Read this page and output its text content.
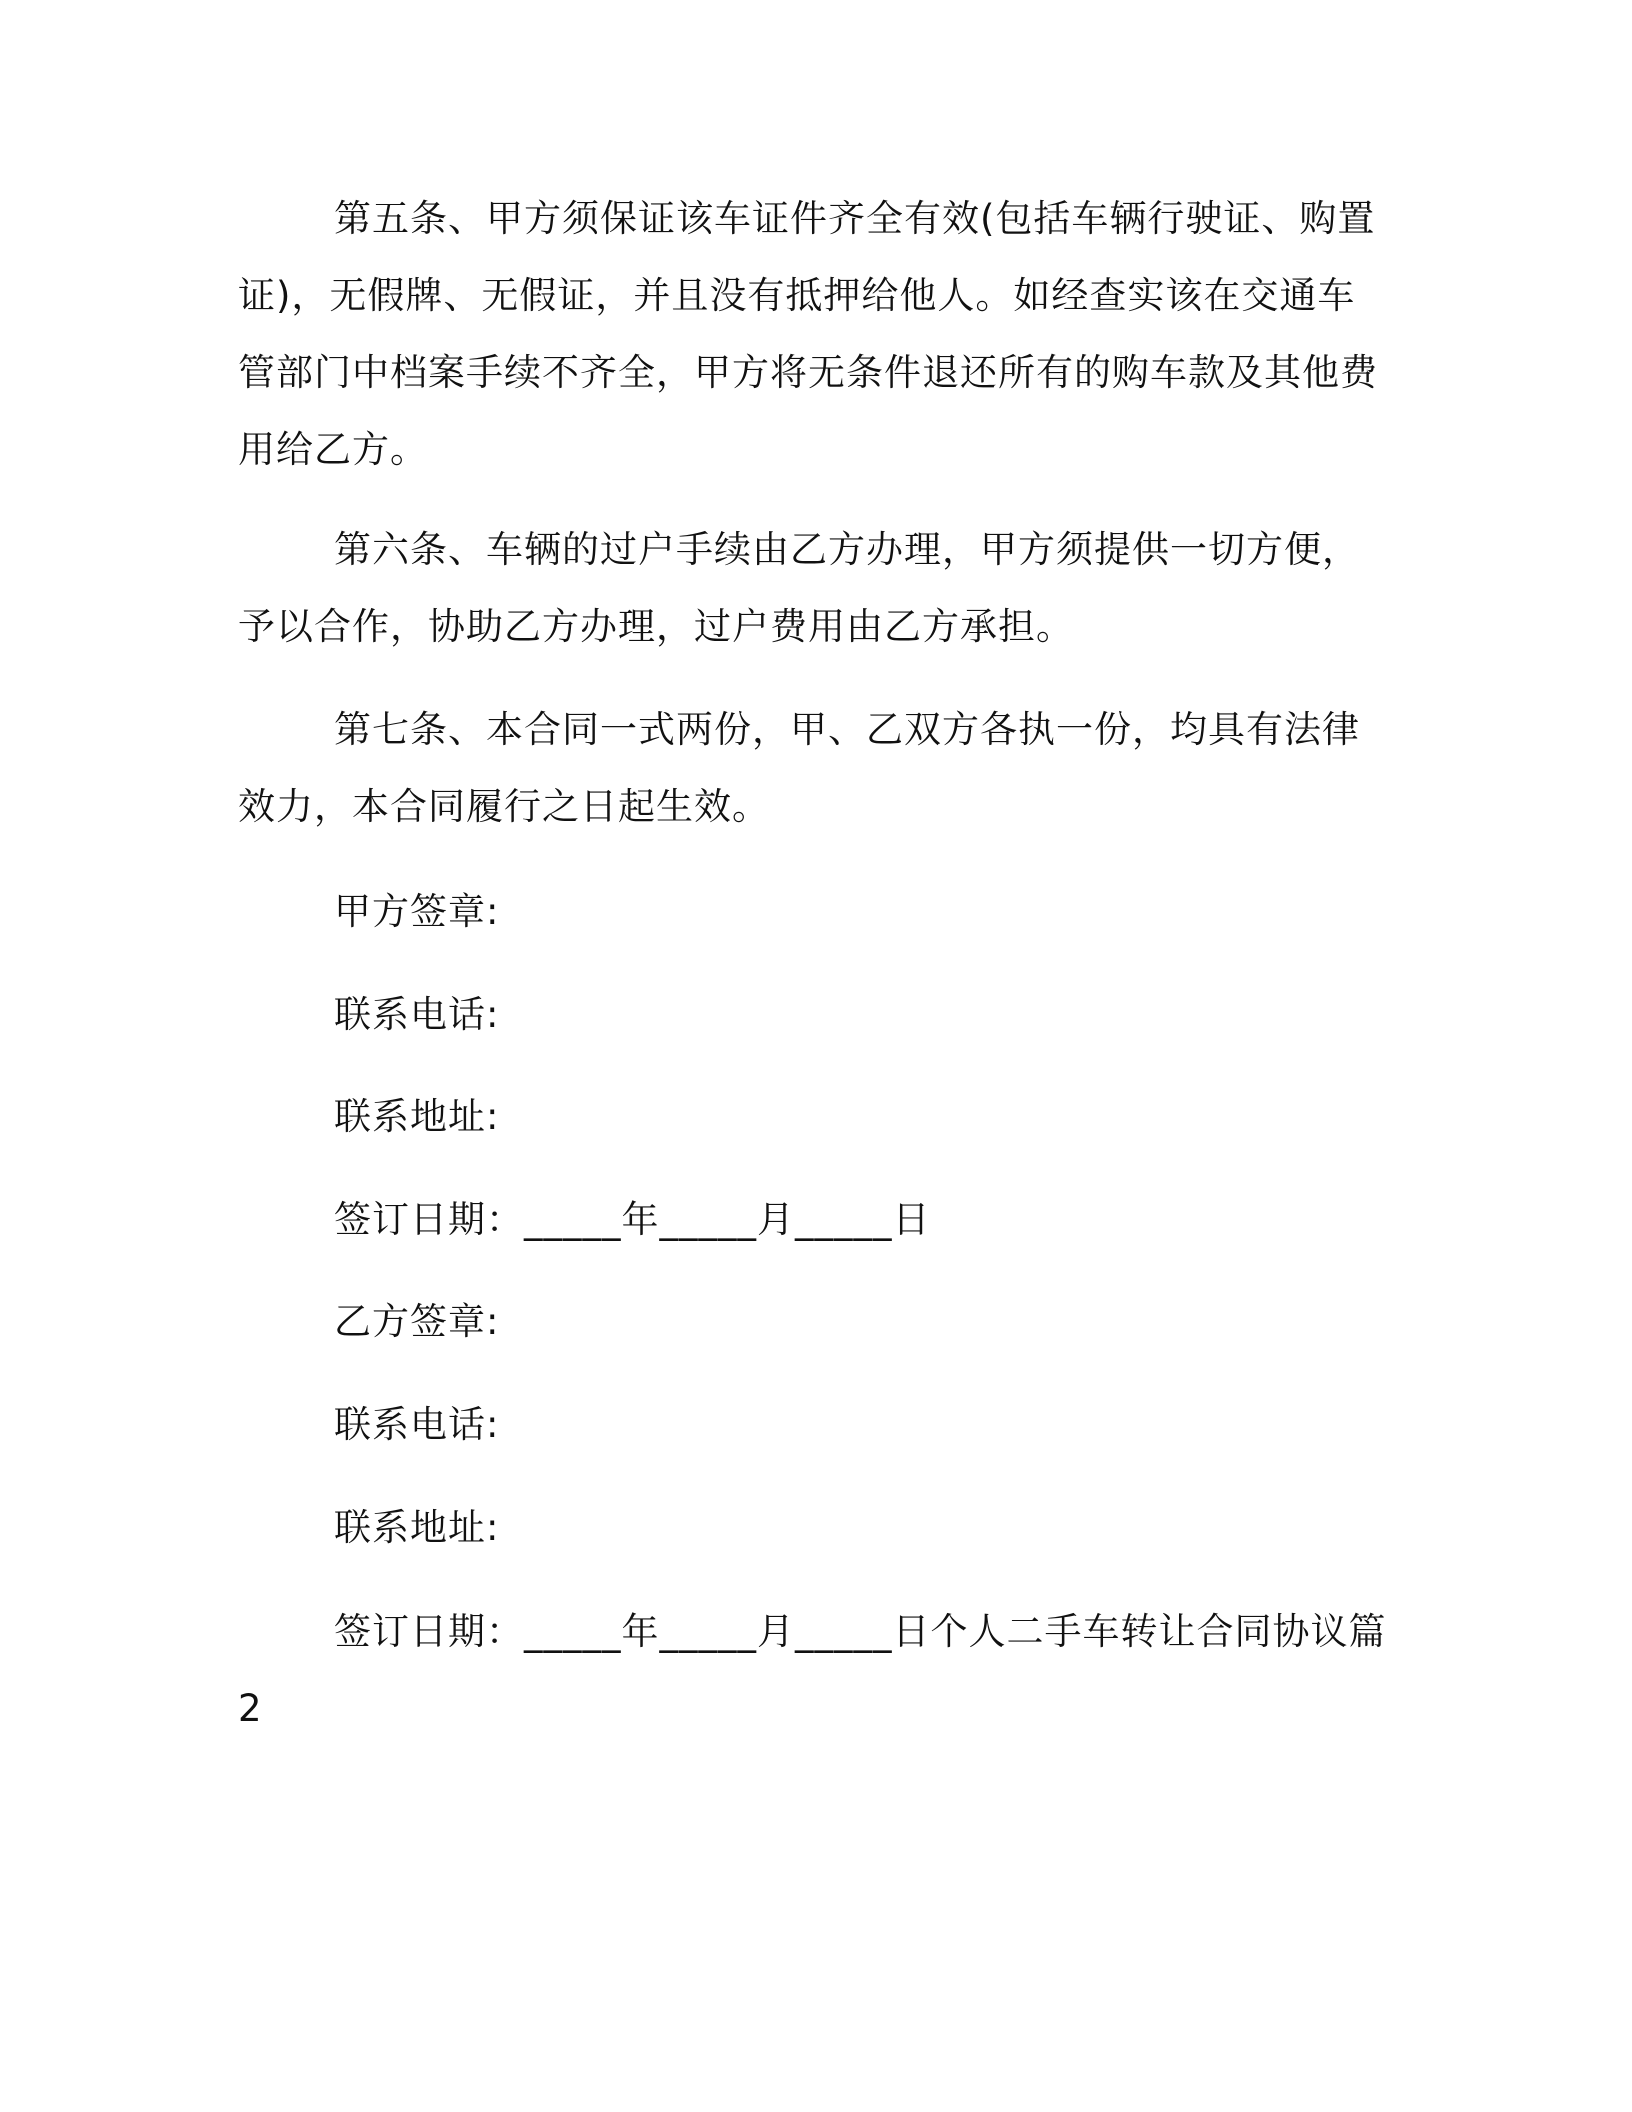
第五条、甲方须保证该车证件齐全有效(包括车辆行驶证、购置证)，无假牌、无假证，并且没有抵押给他人。如经查实该在交通车管部门中档案手续不齐全，甲方将无条件退还所有的购车款及其他费用给乙方。

第六条、车辆的过户手续由乙方办理，甲方须提供一切方便，予以合作，协助乙方办理，过户费用由乙方承担。

第七条、本合同一式两份，甲、乙双方各执一份，均具有法律效力，本合同履行之日起生效。

甲方签章:

联系电话:

联系地址:

签订日期：_____年_____月_____日

乙方签章:

联系电话:

联系地址:

签订日期：_____年_____月_____日个人二手车转让合同协议篇 2
